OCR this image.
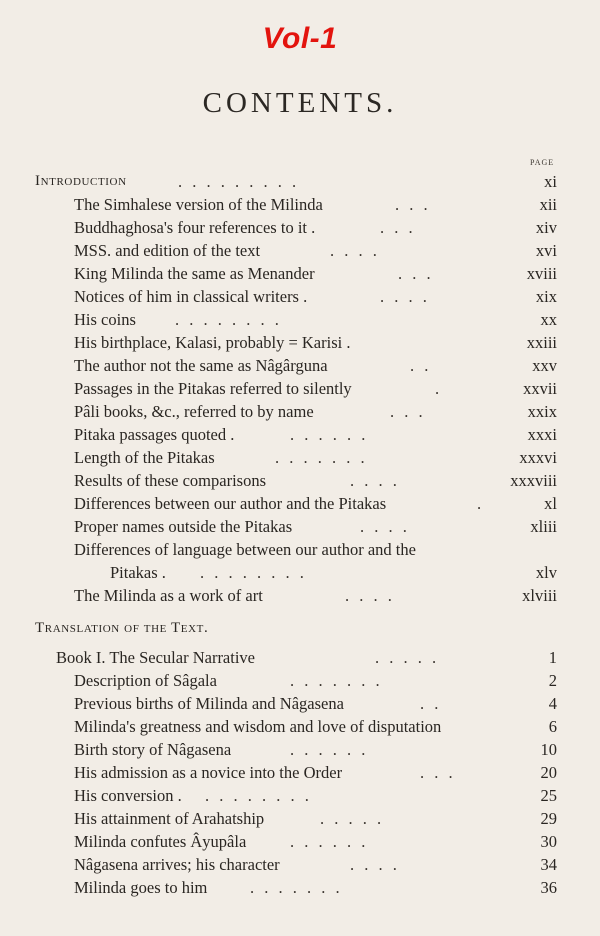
Vol-1
CONTENTS.
PAGE
Introduction	. . . . . . . . .	xi
The Simhalese version of the Milinda	. . .	xii
Buddhaghosa's four references to it .	. . .	xiv
MSS. and edition of the text	. . . .	xvi
King Milinda the same as Menander	. . .	xviii
Notices of him in classical writers .	. . . .	xix
His coins . . . . . . . .	xx
His birthplace, Kalasi, probably = Karisi .	xxiii
The author not the same as Nâgârguna	. .	xxv
Passages in the Pitakas referred to silently	.	xxvii
Pâli books, &c., referred to by name	. . .	xxix
Pitaka passages quoted .	. . . . . .	xxxi
Length of the Pitakas	. . . . . . .	xxxvi
Results of these comparisons	. . . .	xxxviii
Differences between our author and the Pitakas	.	xl
Proper names outside the Pitakas	. . . .	xliii
Differences of language between our author and the
Pitakas . . . . . . . . .	xlv
The Milinda as a work of art	. . . .	xlviii
Translation of the Text.
Book I. The Secular Narrative	. . . . .	1
Description of Sâgala	. . . . . . .	2
Previous births of Milinda and Nâgasena	. .	4
Milinda's greatness and wisdom and love of disputation	6
Birth story of Nâgasena	. . . . . .	10
His admission as a novice into the Order	. . .	20
His conversion . . . . . . . . .	25
His attainment of Arahatship	. . . . .	29
Milinda confutes Âyupâla	. . . . . .	30
Nâgasena arrives; his character	. . . .	34
Milinda goes to him	. . . . . . .	36
